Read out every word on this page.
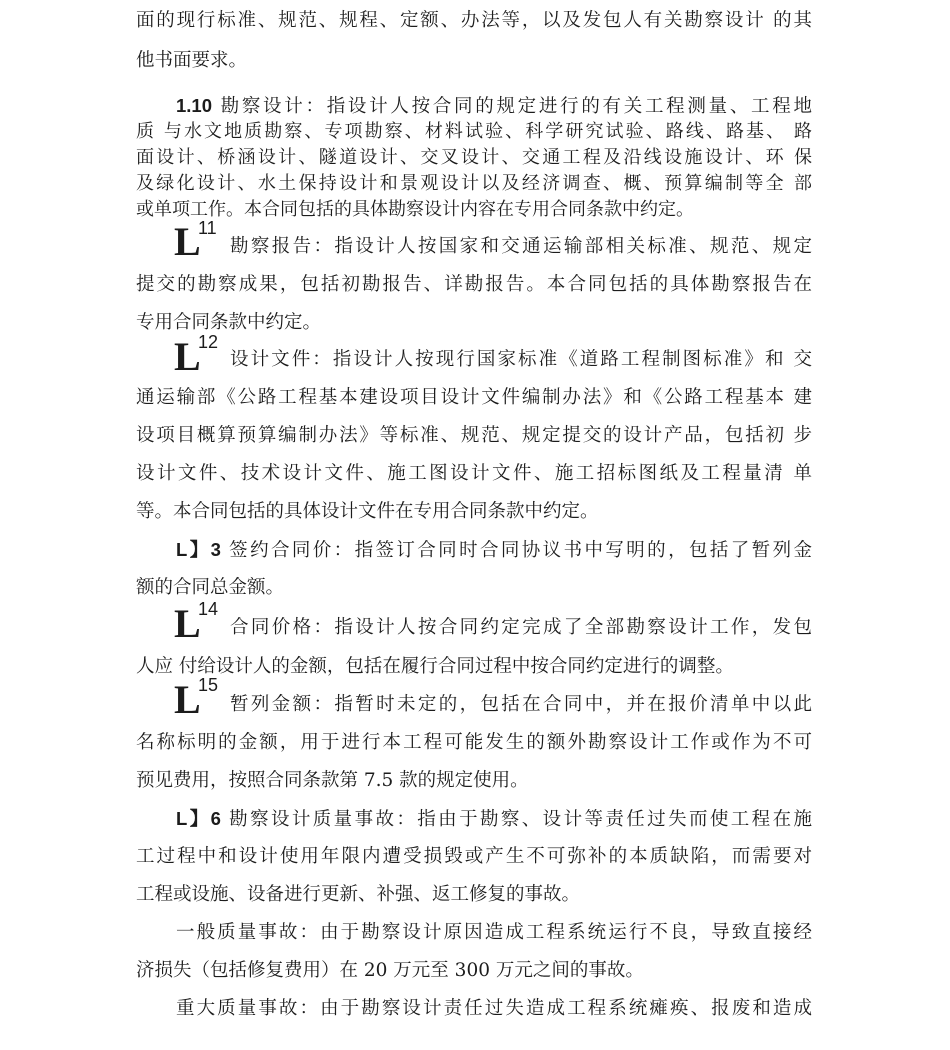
面的现行标准、规范、规程、定额、办法等，以及发包人有关勘察设计 的其
他书面要求。
1.10 勘察设计：指设计人按合同的规定进行的有关工程测量、工程地
质 与水文地质勘察、专项勘察、材料试验、科学研究试验、路线、路基、 路
面设计、桥涵设计、隧道设计、交叉设计、交通工程及沿线设施设计、环 保
及绿化设计、水土保持设计和景观设计以及经济调查、概、预算编制等全 部
或单项工作。本合同包括的具体勘察设计内容在专用合同条款中约定。
L
11
勘察报告：指设计人按国家和交通运输部相关标准、规范、规定
提交的勘察成果，包括初勘报告、详勘报告。本合同包括的具体勘察报告在
专用合同条款中约定。
L
12
设计文件：指设计人按现行国家标准《道路工程制图标准》和 交
通运输部《公路工程基本建设项目设计文件编制办法》和《公路工程基本 建
设项目概算预算编制办法》等标准、规范、规定提交的设计产品，包括初 步
设计文件、技术设计文件、施工图设计文件、施工招标图纸及工程量清 单
等。本合同包括的具体设计文件在专用合同条款中约定。
L】3 签约合同价：指签订合同时合同协议书中写明的，包括了暂列金
额的合同总金额。
L
14
合同价格：指设计人按合同约定完成了全部勘察设计工作，发包
人应 付给设计人的金额，包括在履行合同过程中按合同约定进行的调整。
L
15
暂列金额：指暂时未定的，包括在合同中，并在报价清单中以此
名称标明的金额，用于进行本工程可能发生的额外勘察设计工作或作为不可
预见费用，按照合同条款第 7.5 款的规定使用。
L】6 勘察设计质量事故：指由于勘察、设计等责任过失而使工程在施
工过程中和设计使用年限内遭受损毁或产生不可弥补的本质缺陷，而需要对
工程或设施、设备进行更新、补强、返工修复的事故。
一般质量事故：由于勘察设计原因造成工程系统运行不良，导致直接经
济损失（包括修复费用）在 20 万元至 300 万元之间的事故。
重大质量事故：由于勘察设计责任过失造成工程系统瘫痪、报废和造成
